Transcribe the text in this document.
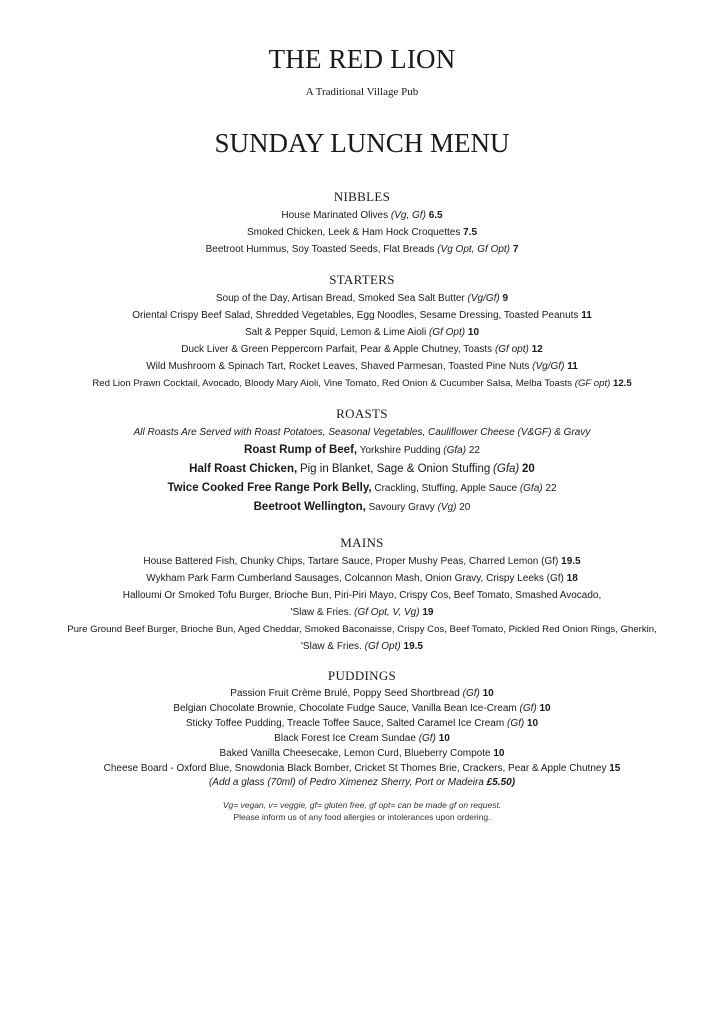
THE RED LION
A Traditional Village Pub
SUNDAY LUNCH MENU
NIBBLES
House Marinated Olives (Vg, Gf) 6.5
Smoked Chicken, Leek & Ham Hock Croquettes 7.5
Beetroot Hummus, Soy Toasted Seeds, Flat Breads (Vg Opt, Gf Opt) 7
STARTERS
Soup of the Day, Artisan Bread, Smoked Sea Salt Butter (Vg/Gf) 9
Oriental Crispy Beef Salad, Shredded Vegetables, Egg Noodles, Sesame Dressing, Toasted Peanuts 11
Salt & Pepper Squid, Lemon & Lime Aioli (Gf Opt) 10
Duck Liver & Green Peppercorn Parfait, Pear & Apple Chutney, Toasts (Gf opt) 12
Wild Mushroom & Spinach Tart, Rocket Leaves, Shaved Parmesan, Toasted Pine Nuts (Vg/Gf) 11
Red Lion Prawn Cocktail, Avocado, Bloody Mary Aioli, Vine Tomato, Red Onion & Cucumber Salsa, Melba Toasts (GF opt) 12.5
ROASTS
All Roasts Are Served with Roast Potatoes, Seasonal Vegetables, Cauliflower Cheese (V&GF) & Gravy
Roast Rump of Beef, Yorkshire Pudding (Gfa) 22
Half Roast Chicken, Pig in Blanket, Sage & Onion Stuffing (Gfa) 20
Twice Cooked Free Range Pork Belly, Crackling, Stuffing, Apple Sauce (Gfa) 22
Beetroot Wellington, Savoury Gravy (Vg) 20
MAINS
House Battered Fish, Chunky Chips, Tartare Sauce, Proper Mushy Peas, Charred Lemon (Gf) 19.5
Wykham Park Farm Cumberland Sausages, Colcannon Mash, Onion Gravy, Crispy Leeks (Gf) 18
Halloumi Or Smoked Tofu Burger, Brioche Bun, Piri-Piri Mayo, Crispy Cos, Beef Tomato, Smashed Avocado,
'Slaw & Fries. (Gf Opt, V, Vg) 19
Pure Ground Beef Burger, Brioche Bun, Aged Cheddar, Smoked Baconaisse, Crispy Cos, Beef Tomato, Pickled Red Onion Rings, Gherkin,
'Slaw & Fries. (Gf Opt) 19.5
PUDDINGS
Passion Fruit Crème Brulé, Poppy Seed Shortbread (Gf) 10
Belgian Chocolate Brownie, Chocolate Fudge Sauce, Vanilla Bean Ice-Cream (Gf) 10
Sticky Toffee Pudding, Treacle Toffee Sauce, Salted Caramel Ice Cream (Gf) 10
Black Forest Ice Cream Sundae (Gf) 10
Baked Vanilla Cheesecake, Lemon Curd, Blueberry Compote 10
Cheese Board - Oxford Blue, Snowdonia Black Bomber, Cricket St Thomes Brie, Crackers, Pear & Apple Chutney 15
(Add a glass (70ml) of Pedro Ximenez Sherry, Port or Madeira £5.50)
Vg= vegan, v= veggie, gf= gluten free, gf opt= can be made gf on request.
Please inform us of any food allergies or intolerances upon ordering.
